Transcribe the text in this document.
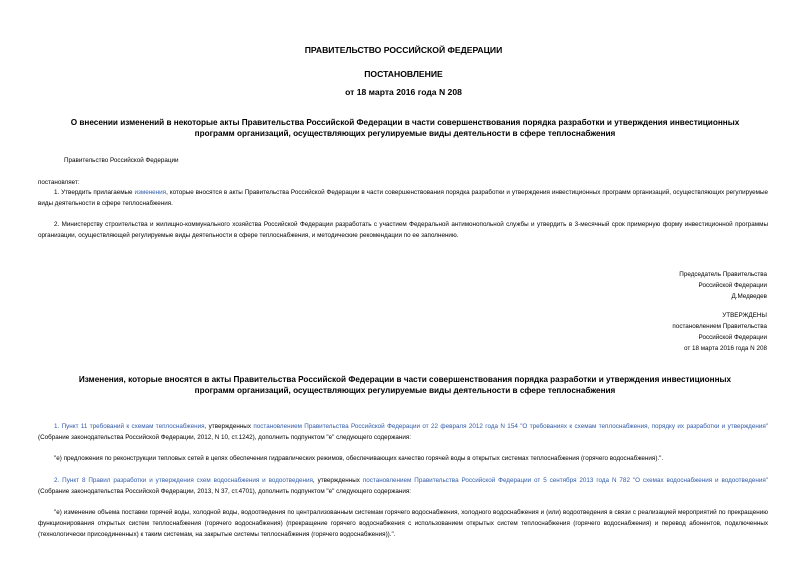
ПРАВИТЕЛЬСТВО РОССИЙСКОЙ ФЕДЕРАЦИИ
ПОСТАНОВЛЕНИЕ
от 18 марта 2016 года N 208
О внесении изменений в некоторые акты Правительства Российской Федерации в части совершенствования порядка разработки и утверждения инвестиционных программ организаций, осуществляющих регулируемые виды деятельности в сфере теплоснабжения
Правительство Российской Федерации
постановляет:
1. Утвердить прилагаемые изменения, которые вносятся в акты Правительства Российской Федерации в части совершенствования порядка разработки и утверждения инвестиционных программ организаций, осуществляющих регулируемые виды деятельности в сфере теплоснабжения.
2. Министерству строительства и жилищно-коммунального хозяйства Российской Федерации разработать с участием Федеральной антимонопольной службы и утвердить в 3-месячный срок примерную форму инвестиционной программы организации, осуществляющей регулируемые виды деятельности в сфере теплоснабжения, и методические рекомендации по ее заполнению.
Председатель Правительства
Российской Федерации
Д.Медведев
УТВЕРЖДЕНЫ
постановлением Правительства
Российской Федерации
от 18 марта 2016 года N 208
Изменения, которые вносятся в акты Правительства Российской Федерации в части совершенствования порядка разработки и утверждения инвестиционных программ организаций, осуществляющих регулируемые виды деятельности в сфере теплоснабжения
1. Пункт 11 требований к схемам теплоснабжения, утвержденных постановлением Правительства Российской Федерации от 22 февраля 2012 года N 154 "О требованиях к схемам теплоснабжения, порядку их разработки и утверждения" (Собрание законодательства Российской Федерации, 2012, N 10, ст.1242), дополнить подпунктом "е" следующего содержания:
"е) предложения по реконструкции тепловых сетей в целях обеспечения гидравлических режимов, обеспечивающих качество горячей воды в открытых системах теплоснабжения (горячего водоснабжения).".
2. Пункт 8 Правил разработки и утверждения схем водоснабжения и водоотведения, утвержденных постановлением Правительства Российской Федерации от 5 сентября 2013 года N 782 "О схемах водоснабжения и водоотведения" (Собрание законодательства Российской Федерации, 2013, N 37, ст.4701), дополнить подпунктом "е" следующего содержания:
"е) изменение объема поставки горячей воды, холодной воды, водоотведения по централизованным системам горячего водоснабжения, холодного водоснабжения и (или) водоотведения в связи с реализацией мероприятий по прекращению функционирования открытых систем теплоснабжения (горячего водоснабжения) (прекращение горячего водоснабжения с использованием открытых систем теплоснабжения (горячего водоснабжения) и перевод абонентов, подключенных (технологически присоединенных) к таким системам, на закрытые системы теплоснабжения (горячего водоснабжения)).".
